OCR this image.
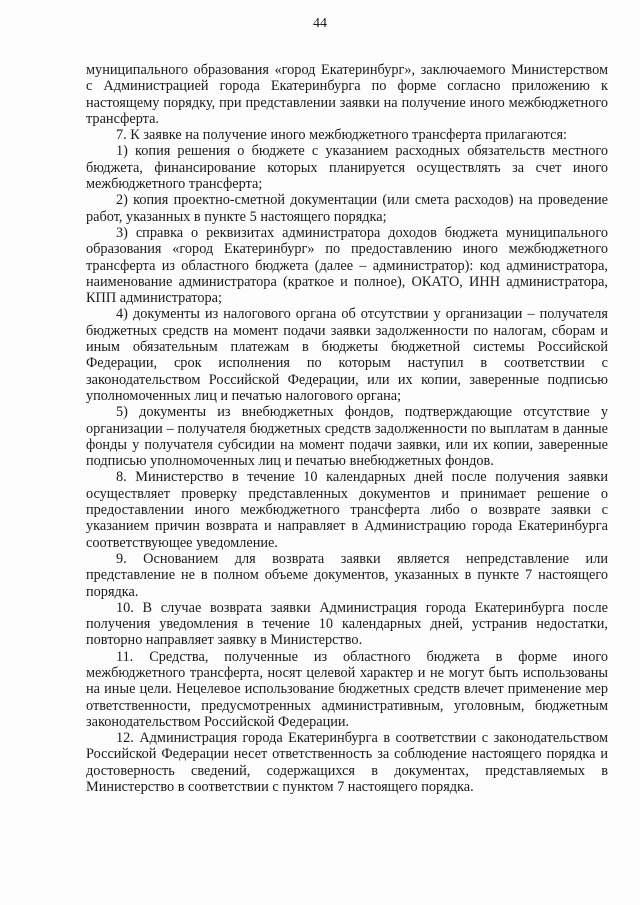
44

муниципального образования «город Екатеринбург», заключаемого Министерством с Администрацией города Екатеринбурга по форме согласно приложению к настоящему порядку, при представлении заявки на получение иного межбюджетного трансферта.

7. К заявке на получение иного межбюджетного трансферта прилагаются:

1) копия решения о бюджете с указанием расходных обязательств местного бюджета, финансирование которых планируется осуществлять за счет иного межбюджетного трансферта;

2) копия проектно-сметной документации (или смета расходов) на проведение работ, указанных в пункте 5 настоящего порядка;

3) справка о реквизитах администратора доходов бюджета муниципального образования «город Екатеринбург» по предоставлению иного межбюджетного трансферта из областного бюджета (далее – администратор): код администратора, наименование администратора (краткое и полное), ОКАТО, ИНН администратора, КПП администратора;

4) документы из налогового органа об отсутствии у организации – получателя бюджетных средств на момент подачи заявки задолженности по налогам, сборам и иным обязательным платежам в бюджеты бюджетной системы Российской Федерации, срок исполнения по которым наступил в соответствии с законодательством Российской Федерации, или их копии, заверенные подписью уполномоченных лиц и печатью налогового органа;

5) документы из внебюджетных фондов, подтверждающие отсутствие у организации – получателя бюджетных средств задолженности по выплатам в данные фонды у получателя субсидии на момент подачи заявки, или их копии, заверенные подписью уполномоченных лиц и печатью внебюджетных фондов.

8. Министерство в течение 10 календарных дней после получения заявки осуществляет проверку представленных документов и принимает решение о предоставлении иного межбюджетного трансферта либо о возврате заявки с указанием причин возврата и направляет в Администрацию города Екатеринбурга соответствующее уведомление.

9. Основанием для возврата заявки является непредставление или представление не в полном объеме документов, указанных в пункте 7 настоящего порядка.

10. В случае возврата заявки Администрация города Екатеринбурга после получения уведомления в течение 10 календарных дней, устранив недостатки, повторно направляет заявку в Министерство.

11. Средства, полученные из областного бюджета в форме иного межбюджетного трансферта, носят целевой характер и не могут быть использованы на иные цели. Нецелевое использование бюджетных средств влечет применение мер ответственности, предусмотренных административным, уголовным, бюджетным законодательством Российской Федерации.

12. Администрация города Екатеринбурга в соответствии с законодательством Российской Федерации несет ответственность за соблюдение настоящего порядка и достоверность сведений, содержащихся в документах, представляемых в Министерство в соответствии с пунктом 7 настоящего порядка.
